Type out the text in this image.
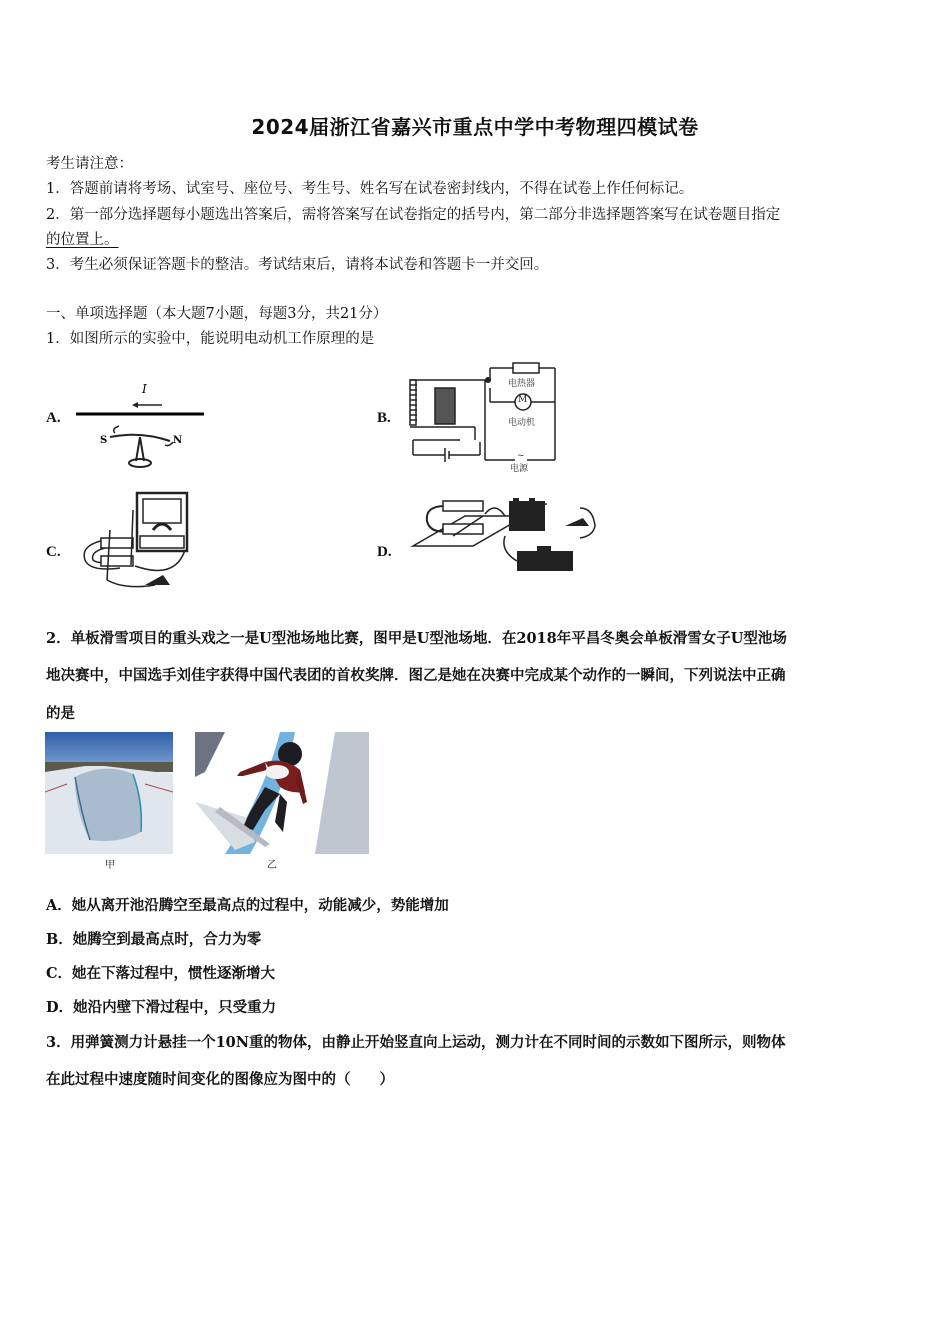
2024届浙江省嘉兴市重点中学中考物理四模试卷
考生请注意：
1．答题前请将考场、试室号、座位号、考生号、姓名写在试卷密封线内，不得在试卷上作任何标记。
2．第一部分选择题每小题选出答案后，需将答案写在试卷指定的括号内，第二部分非选择题答案写在试卷题目指定
的位置上。
3．考生必须保证答题卡的整洁。考试结束后，请将本试卷和答题卡一并交回。
一、单项选择题（本大题7小题，每题3分，共21分）
1．如图所示的实验中，能说明电动机工作原理的是
A.
I
S	N
B.
M
电热器
电动机
~
电源
C.	D.
2．单板滑雪项目的重头戏之一是U型池场地比赛，图甲是U型池场地．在2018年平昌冬奥会单板滑雪女子U型池场
地决赛中，中国选手刘佳宇获得中国代表团的首枚奖牌．图乙是她在决赛中完成某个动作的一瞬间，下列说法中正确
的是
甲	乙
A．她从离开池沿腾空至最高点的过程中，动能减少，势能增加
B．她腾空到最高点时，合力为零
C．她在下落过程中，惯性逐渐增大
D．她沿内壁下滑过程中，只受重力
3．用弹簧测力计悬挂一个10N重的物体，由静止开始竖直向上运动，测力计在不同时间的示数如下图所示，则物体
在此过程中速度随时间变化的图像应为图中的（　　）
